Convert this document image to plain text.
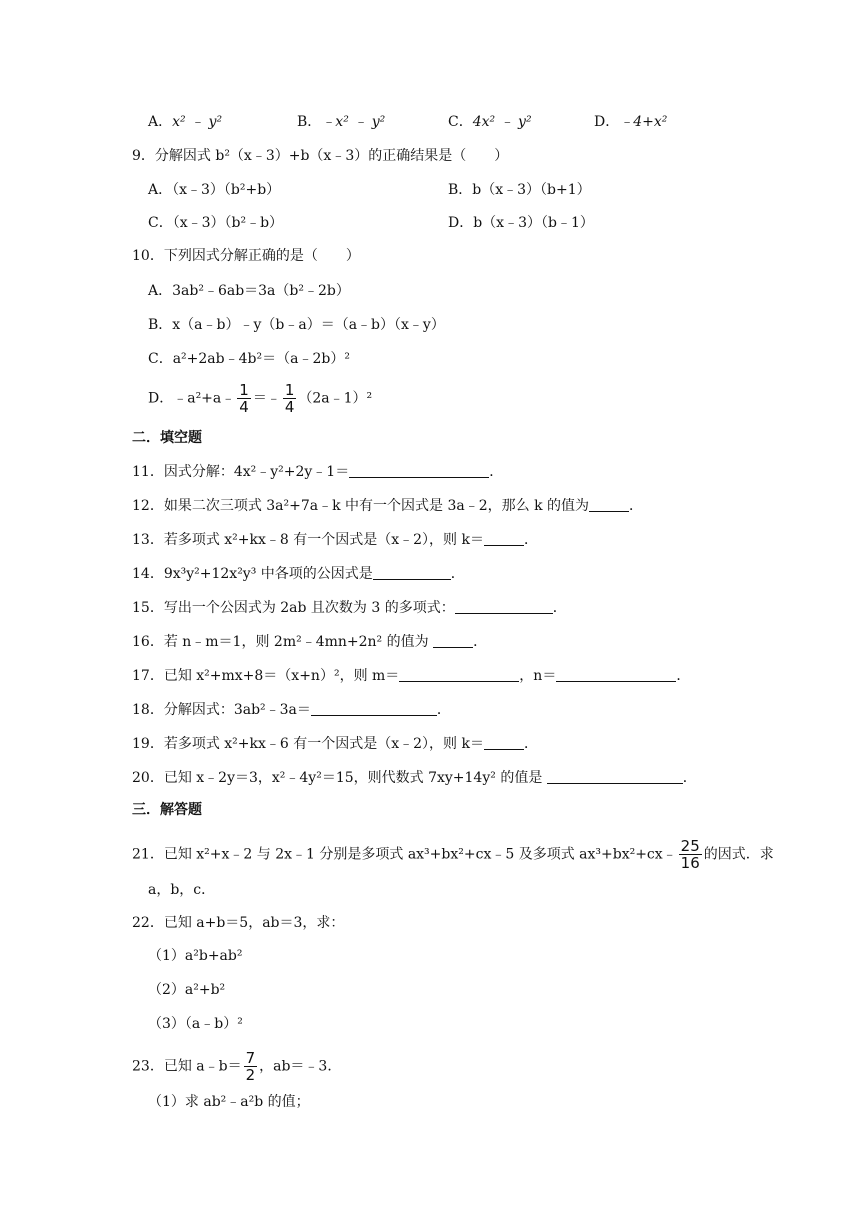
A．x² ﹣ y²	B．﹣x² ﹣ y²	C．4x² ﹣ y²	D．﹣4+x²
9．分解因式 b²（x﹣3）+b（x﹣3）的正确结果是（　　）
A．（x﹣3）（b²+b）	B．b（x﹣3）（b+1）
C．（x﹣3）（b²﹣b）	D．b（x﹣3）（b﹣1）
10．下列因式分解正确的是（　　）
A．3ab²﹣6ab＝3a（b²﹣2b）
B．x（a﹣b）﹣y（b﹣a）＝（a﹣b）（x﹣y）
C．a²+2ab﹣4b²＝（a﹣2b）²
D．﹣a²+a﹣ $\frac{1}{4}$ ＝﹣ $\frac{1}{4}$ （2a﹣1）²
二．填空题
11．因式分解：4x²﹣y²+2y﹣1＝	．
12．如果二次三项式 3a²+7a﹣k 中有一个因式是 3a﹣2，那么 k 的值为	．
13．若多项式 x²+kx﹣8 有一个因式是（x﹣2），则 k＝	．
14．9x³y²+12x²y³ 中各项的公因式是	．
15．写出一个公因式为 2ab 且次数为 3 的多项式：	．
16．若 n﹣m＝1，则 2m²﹣4mn+2n² 的值为	．
17．已知 x²+mx+8＝（x+n）²，则 m＝	，n＝	．
18．分解因式：3ab²﹣3a＝	．
19．若多项式 x²+kx﹣6 有一个因式是（x﹣2），则 k＝	．
20．已知 x﹣2y＝3，x²﹣4y²＝15，则代数式 7xy+14y² 的值是	．
三．解答题
21．已知 x²+x﹣2 与 2x﹣1 分别是多项式 ax³+bx²+cx﹣5 及多项式 ax³+bx²+cx﹣ $\frac{25}{16}$ 的因式．求
a，b，c．
22．已知 a+b＝5，ab＝3，求：
（1）a²b+ab²
（2）a²+b²
（3）（a﹣b）²
23．已知 a﹣b＝ $\frac{7}{2}$ ，ab＝﹣3．
（1）求 ab²﹣a²b 的值；
